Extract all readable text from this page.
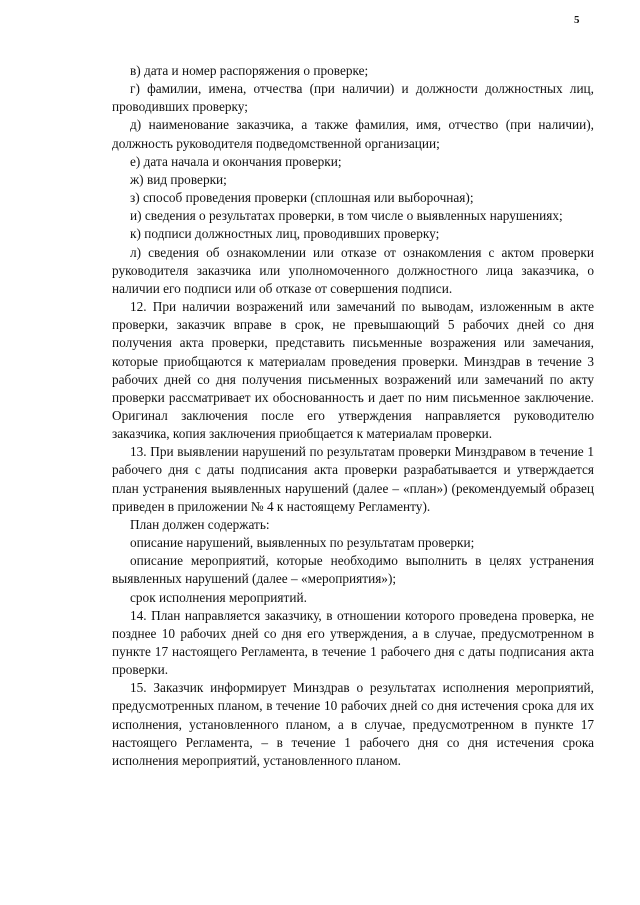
5

в) дата и номер распоряжения о проверке;

г) фамилии, имена, отчества (при наличии) и должности должностных лиц, проводивших проверку;

д) наименование заказчика, а также фамилия, имя, отчество (при наличии), должность руководителя подведомственной организации;

е) дата начала и окончания проверки;

ж) вид проверки;

з) способ проведения проверки (сплошная или выборочная);

и) сведения о результатах проверки, в том числе о выявленных нарушениях;

к) подписи должностных лиц, проводивших проверку;

л) сведения об ознакомлении или отказе от ознакомления с актом проверки руководителя заказчика или уполномоченного должностного лица заказчика, о наличии его подписи или об отказе от совершения подписи.

12. При наличии возражений или замечаний по выводам, изложенным в акте проверки, заказчик вправе в срок, не превышающий 5 рабочих дней со дня получения акта проверки, представить письменные возражения или замечания, которые приобщаются к материалам проведения проверки. Минздрав в течение 3 рабочих дней со дня получения письменных возражений или замечаний по акту проверки рассматривает их обоснованность и дает по ним письменное заключение. Оригинал заключения после его утверждения направляется руководителю заказчика, копия заключения приобщается к материалам проверки.

13. При выявлении нарушений по результатам проверки Минздравом в течение 1 рабочего дня с даты подписания акта проверки разрабатывается и утверждается план устранения выявленных нарушений (далее – «план») (рекомендуемый образец приведен в приложении № 4 к настоящему Регламенту).

План должен содержать:

описание нарушений, выявленных по результатам проверки;

описание мероприятий, которые необходимо выполнить в целях устранения выявленных нарушений (далее – «мероприятия»);

срок исполнения мероприятий.

14. План направляется заказчику, в отношении которого проведена проверка, не позднее 10 рабочих дней со дня его утверждения, а в случае, предусмотренном в пункте 17 настоящего Регламента, в течение 1 рабочего дня с даты подписания акта проверки.

15. Заказчик информирует Минздрав о результатах исполнения мероприятий, предусмотренных планом, в течение 10 рабочих дней со дня истечения срока для их исполнения, установленного планом, а в случае, предусмотренном в пункте 17 настоящего Регламента, – в течение 1 рабочего дня со дня истечения срока исполнения мероприятий, установленного планом.
